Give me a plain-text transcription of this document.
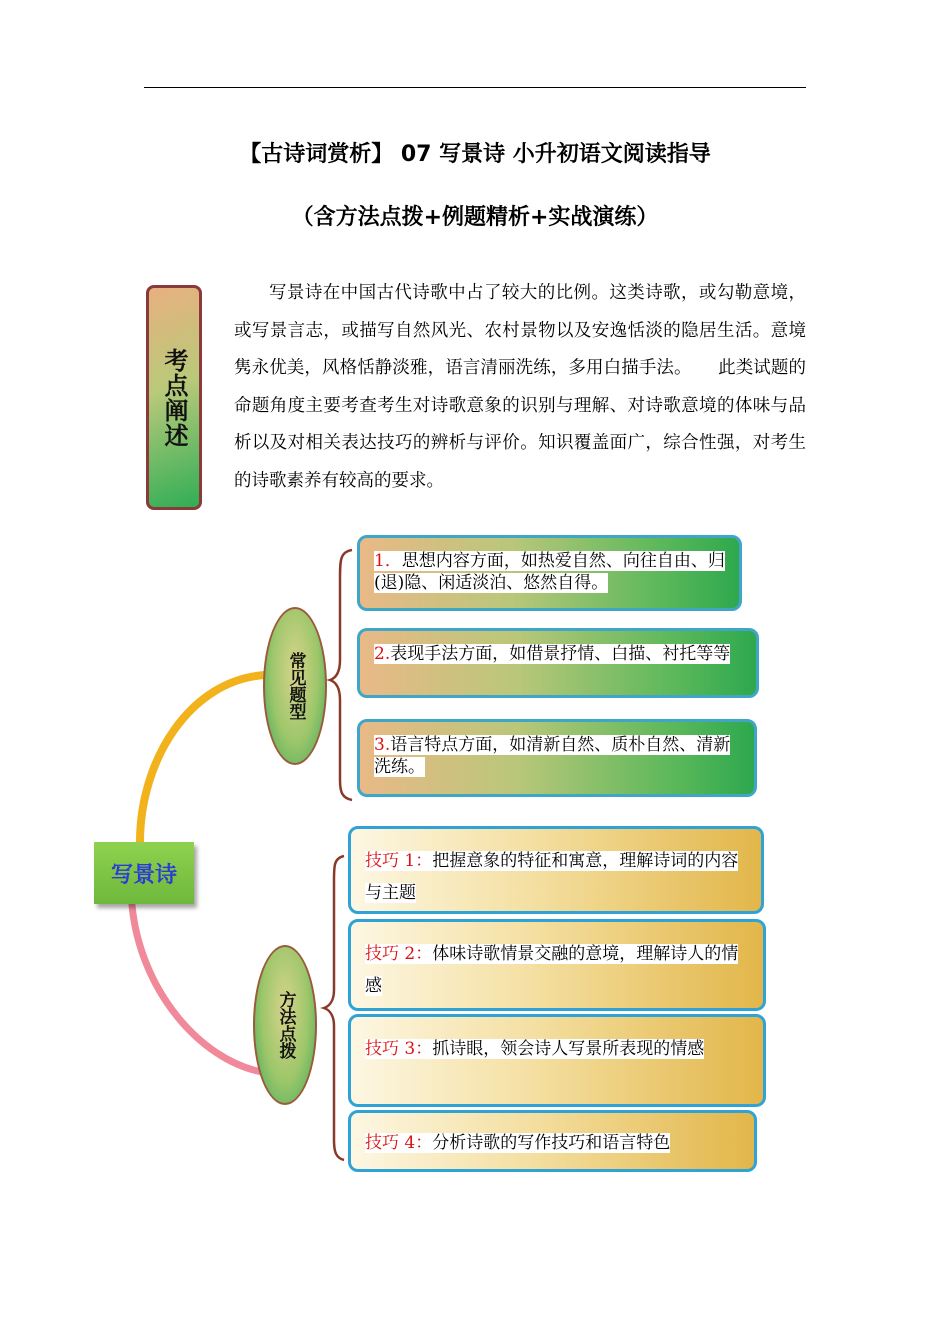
【古诗词赏析】 07 写景诗 小升初语文阅读指导
（含方法点拨+例题精析+实战演练）
考点阐述
写景诗在中国古代诗歌中占了较大的比例。这类诗歌，或勾勒意境，或写景言志，或描写自然风光、农村景物以及安逸恬淡的隐居生活。意境隽永优美，风格恬静淡雅，语言清丽洗练，多用白描手法。　　此类试题的命题角度主要考查考生对诗歌意象的识别与理解、对诗歌意境的体味与品析以及对相关表达技巧的辨析与评价。知识覆盖面广，综合性强，对考生的诗歌素养有较高的要求。
写景诗
常见题型
方法点拨
1．思想内容方面，如热爱自然、向往自由、归(退)隐、闲适淡泊、悠然自得。
2.表现手法方面，如借景抒情、白描、衬托等等
3.语言特点方面，如清新自然、质朴自然、清新洗练。
技巧 1：把握意象的特征和寓意，理解诗词的内容与主题
技巧 2：体味诗歌情景交融的意境，理解诗人的情感
技巧 3：抓诗眼，领会诗人写景所表现的情感
技巧 4：分析诗歌的写作技巧和语言特色
